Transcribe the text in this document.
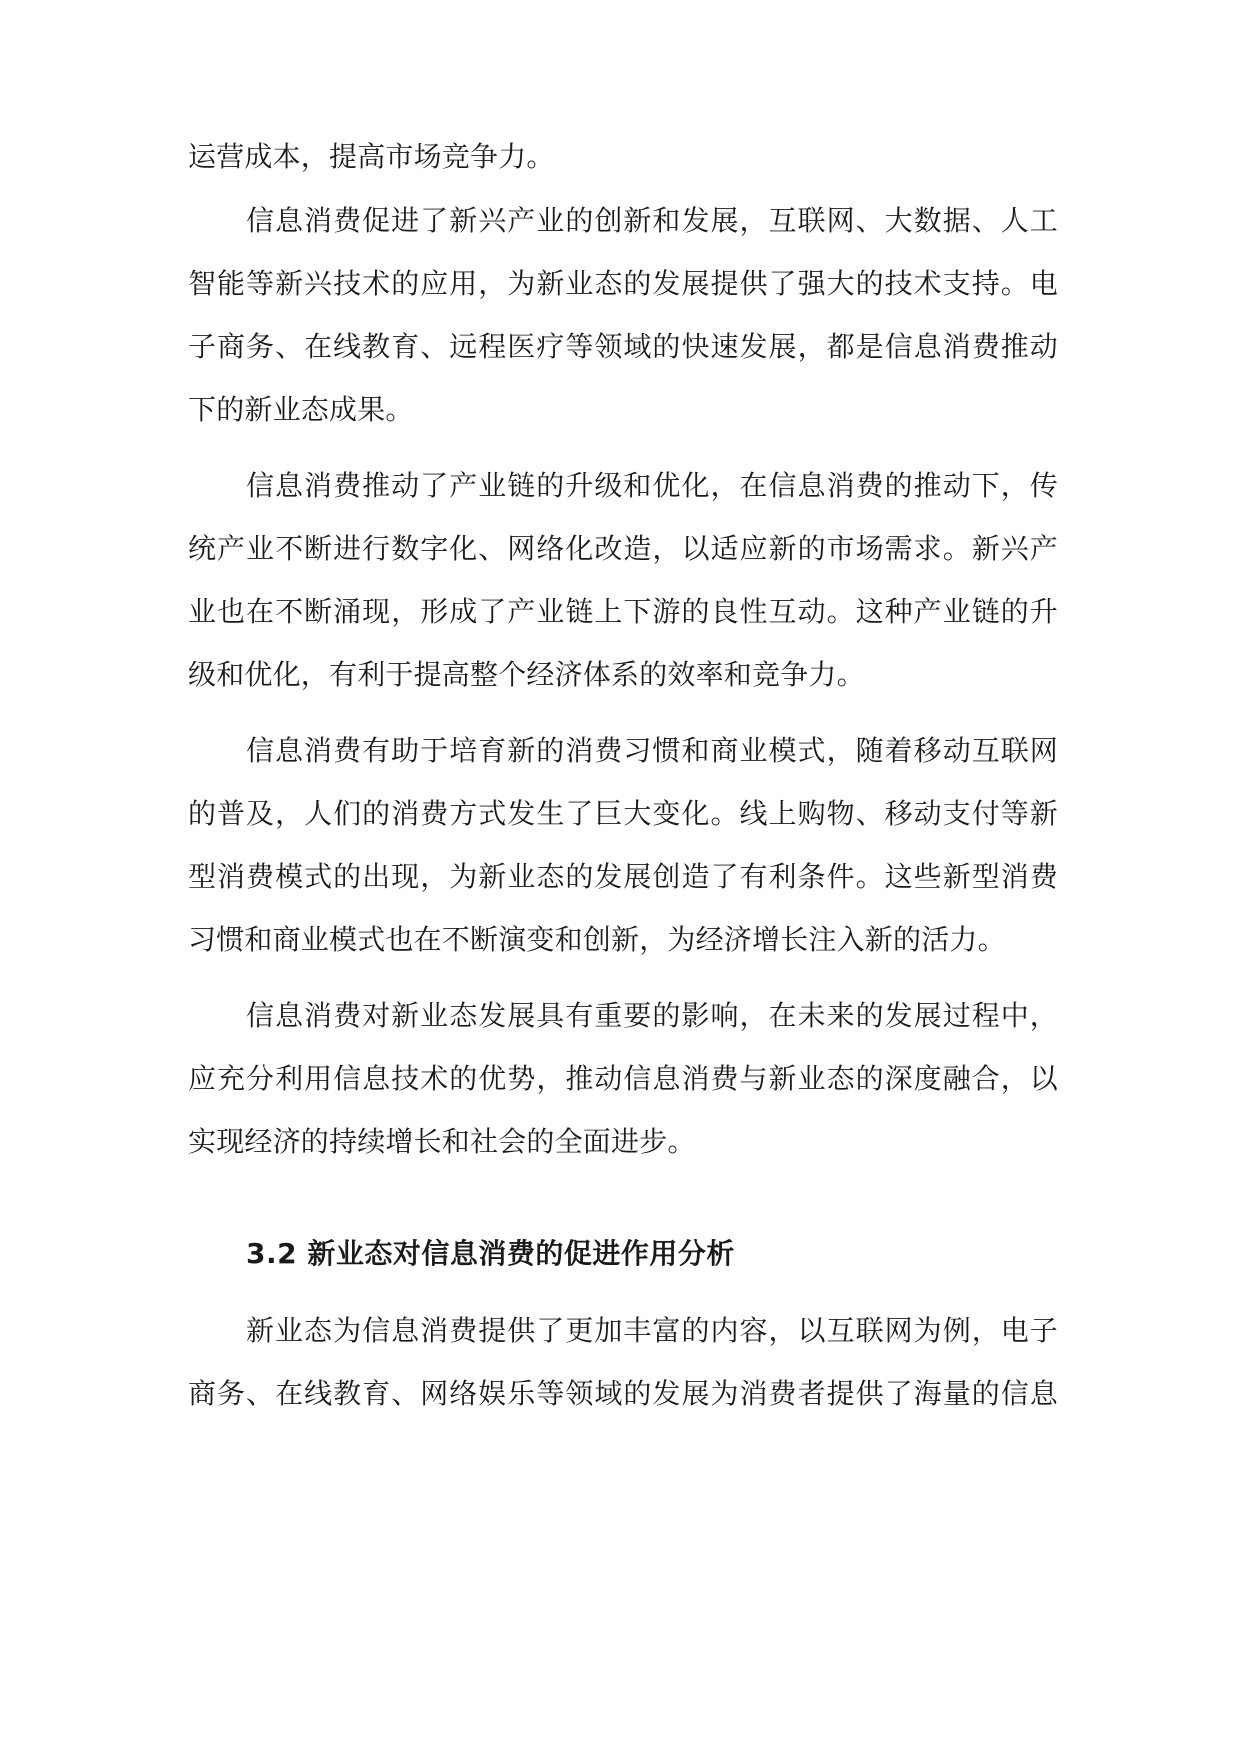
运营成本，提高市场竞争力。
信息消费促进了新兴产业的创新和发展，互联网、大数据、人工
智能等新兴技术的应用，为新业态的发展提供了强大的技术支持。电
子商务、在线教育、远程医疗等领域的快速发展，都是信息消费推动
下的新业态成果。
信息消费推动了产业链的升级和优化，在信息消费的推动下，传
统产业不断进行数字化、网络化改造，以适应新的市场需求。新兴产
业也在不断涌现，形成了产业链上下游的良性互动。这种产业链的升
级和优化，有利于提高整个经济体系的效率和竞争力。
信息消费有助于培育新的消费习惯和商业模式，随着移动互联网
的普及，人们的消费方式发生了巨大变化。线上购物、移动支付等新
型消费模式的出现，为新业态的发展创造了有利条件。这些新型消费
习惯和商业模式也在不断演变和创新，为经济增长注入新的活力。
信息消费对新业态发展具有重要的影响，在未来的发展过程中，
应充分利用信息技术的优势，推动信息消费与新业态的深度融合，以
实现经济的持续增长和社会的全面进步。
3.2 新业态对信息消费的促进作用分析
新业态为信息消费提供了更加丰富的内容，以互联网为例，电子
商务、在线教育、网络娱乐等领域的发展为消费者提供了海量的信息
